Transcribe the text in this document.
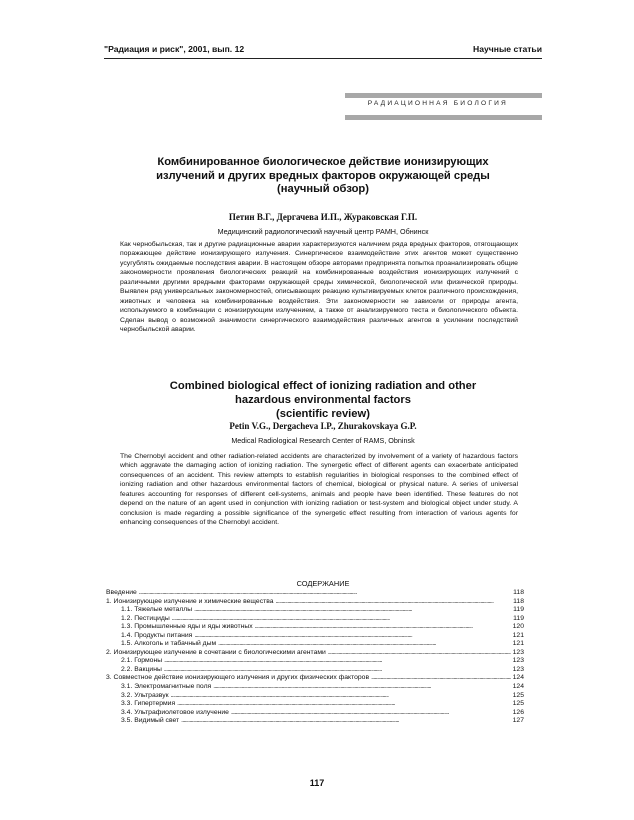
"Радиация и риск", 2001, вып. 12	Научные статьи
РАДИАЦИОННАЯ БИОЛОГИЯ
Комбинированное биологическое действие ионизирующих
излучений и других вредных факторов окружающей среды
(научный обзор)
Петин В.Г., Дергачева И.П., Жураковская Г.П.
Медицинский радиологический научный центр РАМН, Обнинск

Как чернобыльская, так и другие радиационные аварии характеризуются наличием ряда вредных факторов, отягощающих поражающее действие ионизирующего излучения. Синергическое взаимодействие этих агентов может существенно усугублять ожидаемые последствия аварии. В настоящем обзоре авторами предпринята попытка проанализировать общие закономерности проявления биологических реакций на комбинированные воздействия ионизирующих излучений с различными другими вредными факторами окружающей среды химической, биологической или физической природы. Выявлен ряд универсальных закономерностей, описывающих реакцию культивируемых клеток различного происхождения, животных и человека на комбинированные воздействия. Эти закономерности не зависели от природы агента, используемого в комбинации с ионизирующим излучением, а также от анализируемого теста и биологического объекта. Сделан вывод о возможной значимости синергического взаимодействия различных агентов в усилении последствий чернобыльской аварии.

Combined biological effect of ionizing radiation and other
hazardous environmental factors
(scientific review)
Petin V.G., Dergacheva I.P., Zhurakovskaya G.P.
Medical Radiological Research Center of RAMS, Obninsk

The Chernobyl accident and other radiation-related accidents are characterized by involvement of a variety of hazardous factors which aggravate the damaging action of ionizing radiation. The synergetic effect of different agents can exacerbate anticipated consequences of an accident. This review attempts to establish regularities in biological responses to the combined effect of ionizing radiation and other hazardous environmental factors of chemical, biological or physical nature. A series of universal features accounting for responses of different cell-systems, animals and people have been identified. These features do not depend on the nature of an agent used in conjunction with ionizing radiation or test-system and biological object under study. A conclusion is made regarding a possible significance of the synergetic effect resulting from interaction of various agents for enhancing consequences of the Chernobyl accident.

СОДЕРЖАНИЕ
Введение . . .	118
1. Ионизирующее излучение и химические вещества . . .	118
1.1. Тяжелые металлы . . .	119
1.2. Пестициды . . .	119
1.3. Промышленные яды и яды животных . . .	120
1.4. Продукты питания . . .	121
1.5. Алкоголь и табачный дым . . .	121
2. Ионизирующее излучение в сочетании с биологическими агентами . . .	123
2.1. Гормоны . . .	123
2.2. Вакцины . . .	123
3. Совместное действие ионизирующего излучения и других физических факторов . . .	124
3.1. Электромагнитные поля . . .	124
3.2. Ультразвук . . .	125
3.3. Гипертермия . . .	125
3.4. Ультрафиолетовое излучение . . .	126
3.5. Видимый свет . . .	127
117
